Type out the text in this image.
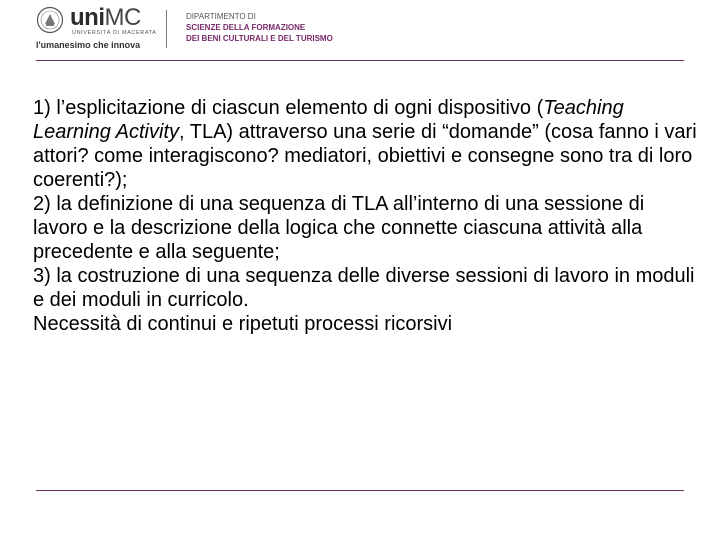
uniMC
UNIVERSITÀ DI MACERATA
l'umanesimo che innova
DIPARTIMENTO DI
SCIENZE DELLA FORMAZIONE
DEI BENI CULTURALI E DEL TURISMO

1) l’esplicitazione di ciascun elemento di ogni dispositivo (Teaching Learning Activity, TLA) attraverso una serie di “domande” (cosa fanno i vari attori? come interagiscono? mediatori, obiettivi e consegne sono tra di loro coerenti?);

2) la definizione di una sequenza di TLA all’interno di una sessione di lavoro e la descrizione della logica che connette ciascuna attività alla precedente e alla seguente;

3) la costruzione di una sequenza delle diverse sessioni di lavoro in moduli e dei moduli in curricolo.

Necessità di continui e ripetuti processi ricorsivi
